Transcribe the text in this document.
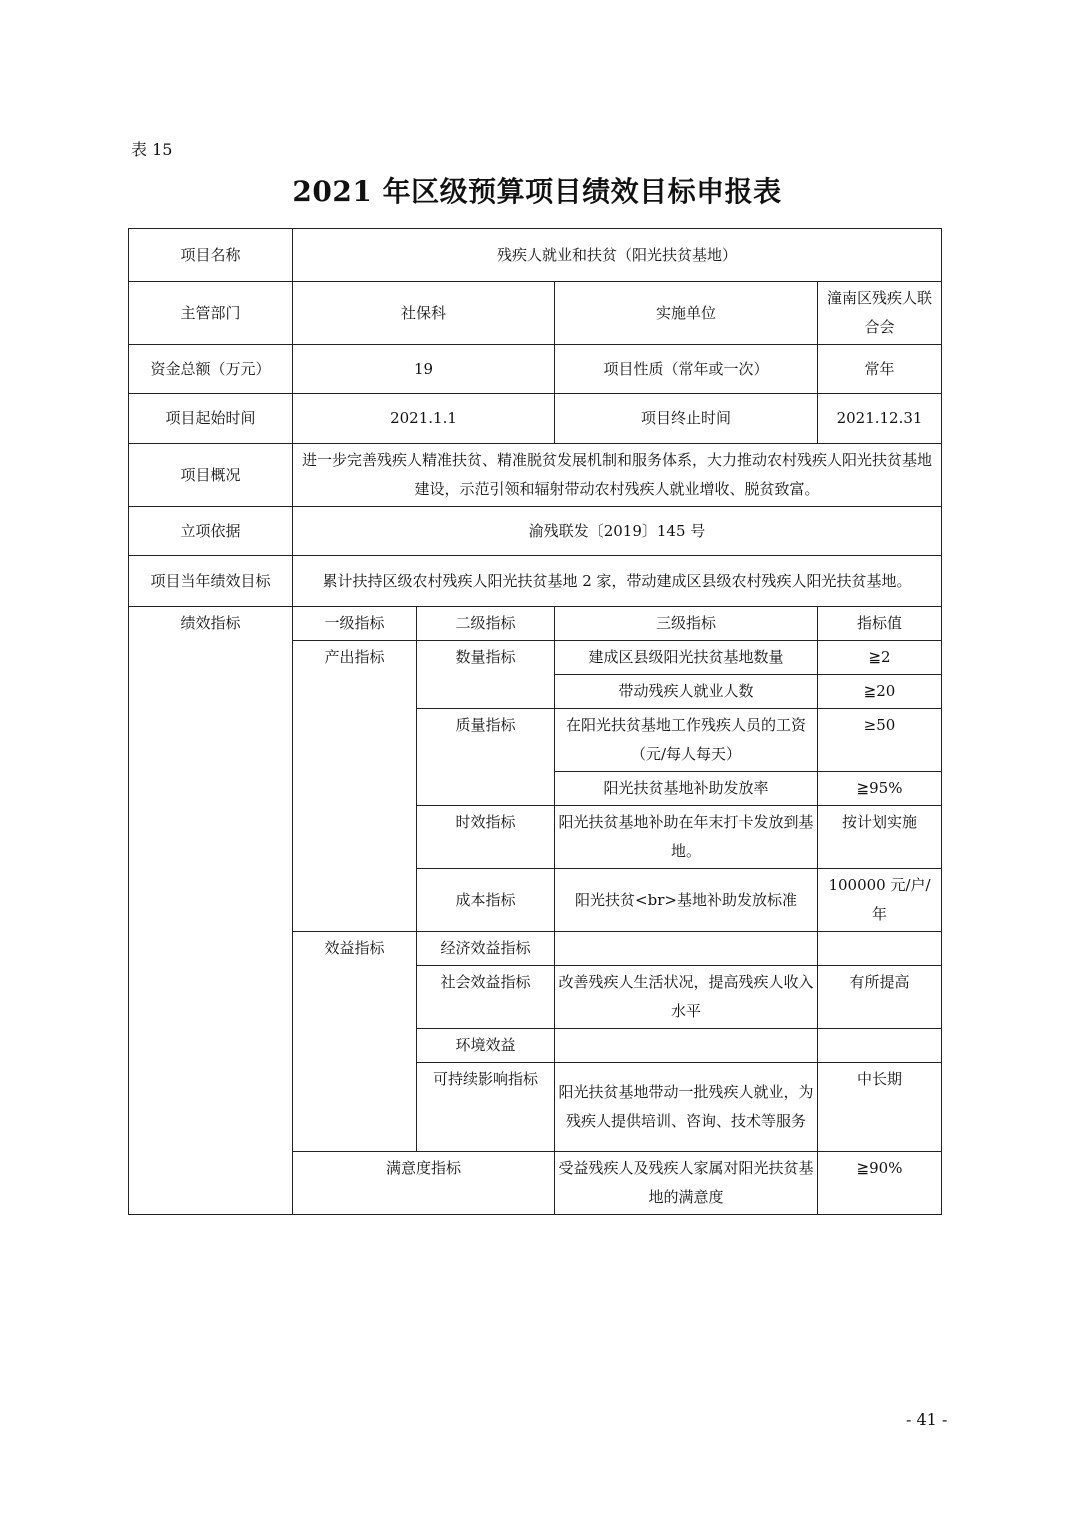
表 15
2021 年区级预算项目绩效目标申报表
项目名称	残疾人就业和扶贫（阳光扶贫基地）			
主管部门	社保科		实施单位	潼南区残疾人联合会
资金总额（万元）	19		项目性质（常年或一次）	常年
项目起始时间	2021.1.1		项目终止时间	2021.12.31
项目概况	进一步完善残疾人精准扶贫、精准脱贫发展机制和服务体系，大力推动农村残疾人阳光扶贫基地建设，示范引领和辐射带动农村残疾人就业增收、脱贫致富。			
立项依据	渝残联发〔2019〕145 号			
项目当年绩效目标	累计扶持区级农村残疾人阳光扶贫基地 2 家，带动建成区县级农村残疾人阳光扶贫基地。			
绩效指标	一级指标	二级指标	三级指标	指标值
	产出指标	数量指标	建成区县级阳光扶贫基地数量	≧2
			带动残疾人就业人数	≧20
		质量指标	在阳光扶贫基地工作残疾人员的工资（元/每人每天）	≥50
			阳光扶贫基地补助发放率	≧95%
		时效指标	阳光扶贫基地补助在年末打卡发放到基地。	按计划实施
		成本指标	阳光扶贫<br>基地补助发放标准	100000 元/户/年

	效益指标	经济效益指标		
		社会效益指标	改善残疾人生活状况，提高残疾人收入水平	有所提高
		环境效益		
		可持续影响指标	阳光扶贫基地带动一批残疾人就业，为残疾人提供培训、咨询、技术等服务	中长期
	满意度指标		受益残疾人及残疾人家属对阳光扶贫基地的满意度	≧90%
- 41 -
